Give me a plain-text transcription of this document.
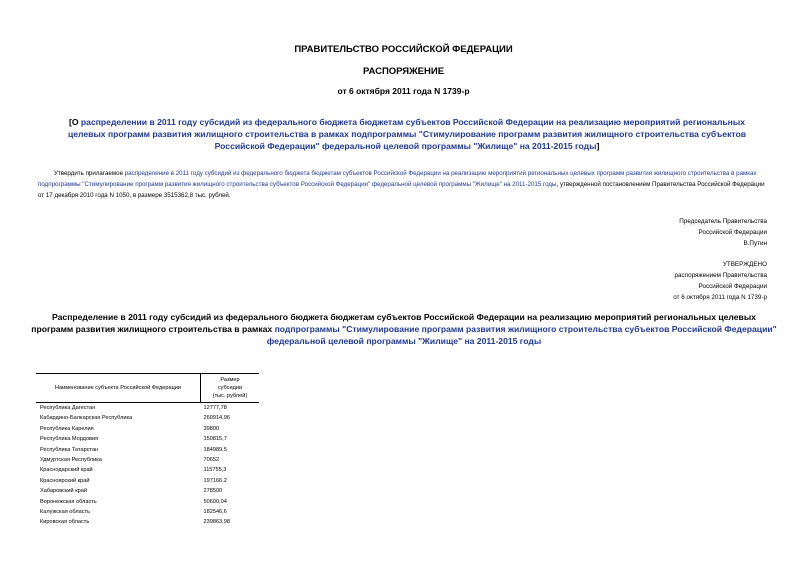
ПРАВИТЕЛЬСТВО РОССИЙСКОЙ ФЕДЕРАЦИИ
РАСПОРЯЖЕНИЕ
от 6 октября 2011 года N 1739-р
[О распределении в 2011 году субсидий из федерального бюджета бюджетам субъектов Российской Федерации на реализацию мероприятий региональных целевых программ развития жилищного строительства в рамках подпрограммы "Стимулирование программ развития жилищного строительства субъектов Российской Федерации" федеральной целевой программы "Жилище" на 2011-2015 годы]
Утвердить прилагаемое распределение в 2011 году субсидий из федерального бюджета бюджетам субъектов Российской Федерации на реализацию мероприятий региональных целевых программ развития жилищного строительства в рамках подпрограммы "Стимулирование программ развития жилищного строительства субъектов Российской Федерации" федеральной целевой программы "Жилище" на 2011-2015 годы, утвержденной постановлением Правительства Российской Федерации от 17 декабря 2010 года N 1050, в размере 3515362,8 тыс. рублей.
Председатель Правительства
Российской Федерации
В.Путин
УТВЕРЖДЕНО
распоряжением Правительства
Российской Федерации
от 6 октября 2011 года N 1739-р
Распределение в 2011 году субсидий из федерального бюджета бюджетам субъектов Российской Федерации на реализацию мероприятий региональных целевых программ развития жилищного строительства в рамках подпрограммы "Стимулирование программ развития жилищного строительства субъектов Российской Федерации" федеральной целевой программы "Жилище" на 2011-2015 годы
Наименование субъекта Российской Федерации	Размер
субсидии
(тыс. рублей)

Республика Дагестан	12777,78
Кабардино-Балкарская Республика	260914,96
Республика Карелия	39800
Республика Мордовия	150815,7
Республика Татарстан	184989,5
Удмуртская Республика	70652
Краснодарский край	115755,3
Красноярский край	197166,2
Хабаровский край	278500
Воронежская область	50600,04
Калужская область	182546,6
Кировская область	239863,98
